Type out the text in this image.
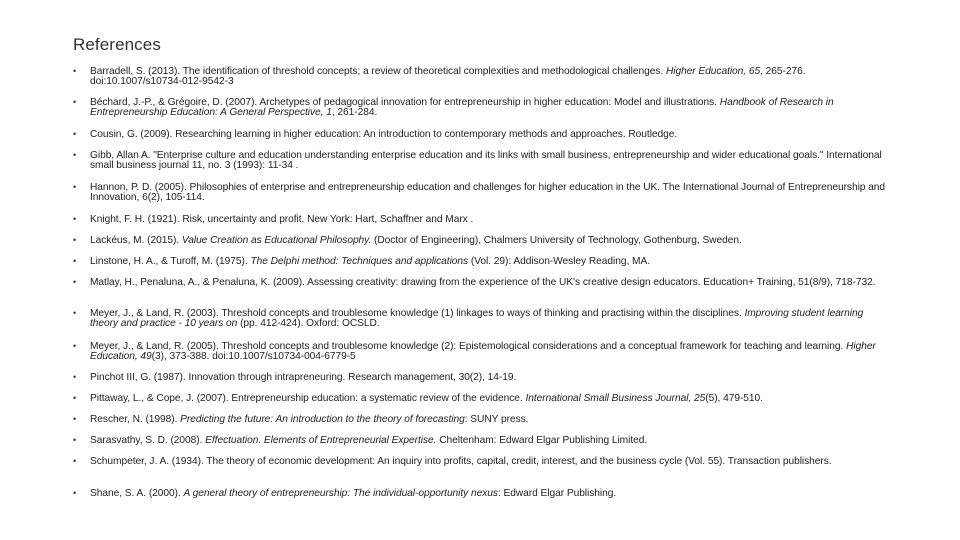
References
• Barradell, S. (2013). The identification of threshold concepts; a review of theoretical complexities and methodological challenges. Higher Education, 65, 265-276. doi:10.1007/s10734-012-9542-3
• Béchard, J.-P., & Grégoire, D. (2007). Archetypes of pedagogical innovation for entrepreneurship in higher education: Model and illustrations. Handbook of Research in Entrepreneurship Education: A General Perspective, 1, 261-284.
• Cousin, G. (2009). Researching learning in higher education: An introduction to contemporary methods and approaches. Routledge.
• Gibb, Allan A. "Enterprise culture and education understanding enterprise education and its links with small business, entrepreneurship and wider educational goals." International small business journal 11, no. 3 (1993): 11-34 .
• Hannon, P. D. (2005). Philosophies of enterprise and entrepreneurship education and challenges for higher education in the UK. The International Journal of Entrepreneurship and Innovation, 6(2), 105-114.
• Knight, F. H. (1921). Risk, uncertainty and profit. New York: Hart, Schaffner and Marx .
• Lackéus, M. (2015). Value Creation as Educational Philosophy. (Doctor of Engineering), Chalmers University of Technology, Gothenburg, Sweden.
• Linstone, H. A., & Turoff, M. (1975). The Delphi method: Techniques and applications (Vol. 29): Addison-Wesley Reading, MA.
• Matlay, H., Penaluna, A., & Penaluna, K. (2009). Assessing creativity: drawing from the experience of the UK's creative design educators. Education+ Training, 51(8/9), 718-732.
• Meyer, J., & Land, R. (2003). Threshold concepts and troublesome knowledge (1) linkages to ways of thinking and practising within the disciplines. Improving student learning theory and practice - 10 years on (pp. 412-424). Oxford: OCSLD.
• Meyer, J., & Land, R. (2005). Threshold concepts and troublesome knowledge (2): Epistemological considerations and a conceptual framework for teaching and learning. Higher Education, 49(3), 373-388. doi:10.1007/s10734-004-6779-5
• Pinchot III, G. (1987). Innovation through intrapreneuring. Research management, 30(2), 14-19.
• Pittaway, L., & Cope, J. (2007). Entrepreneurship education: a systematic review of the evidence. International Small Business Journal, 25(5), 479-510.
• Rescher, N. (1998). Predicting the future: An introduction to the theory of forecasting: SUNY press.
• Sarasvathy, S. D. (2008). Effectuation. Elements of Entrepreneurial Expertise. Cheltenham: Edward Elgar Publishing Limited.
• Schumpeter, J. A. (1934). The theory of economic development: An inquiry into profits, capital, credit, interest, and the business cycle (Vol. 55). Transaction publishers.
• Shane, S. A. (2000). A general theory of entrepreneurship: The individual-opportunity nexus: Edward Elgar Publishing.
